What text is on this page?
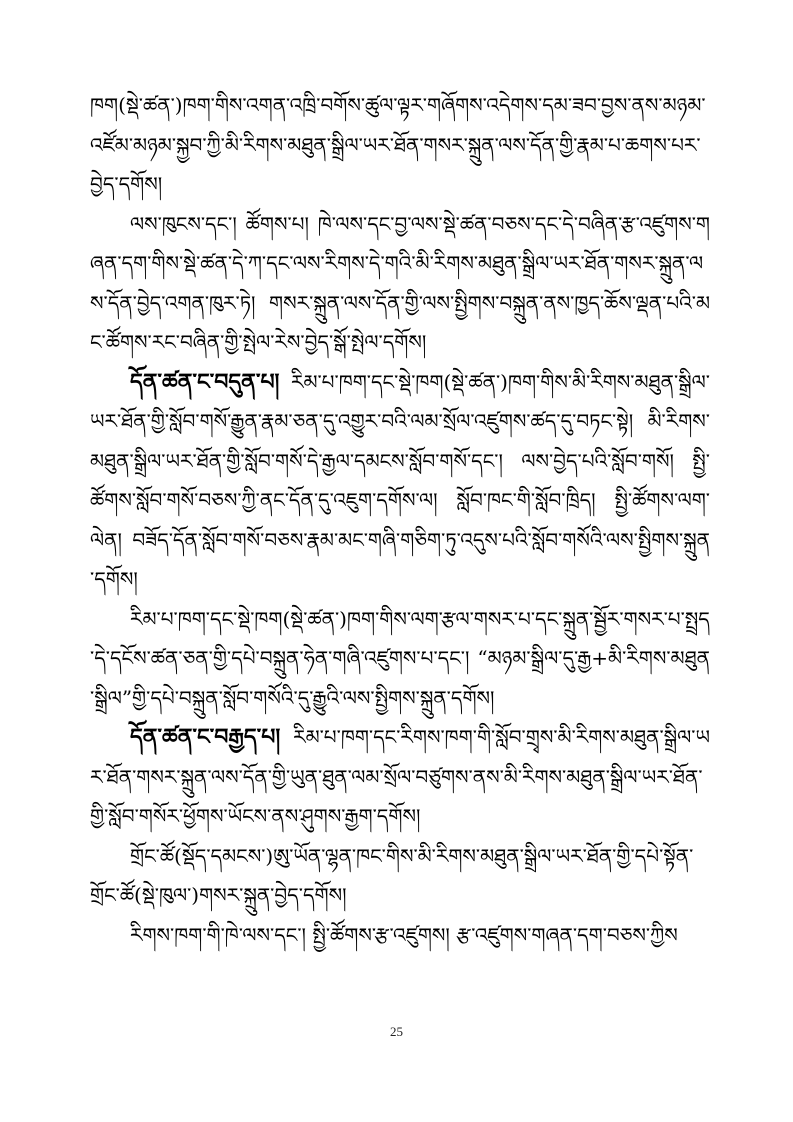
ཁག(སྡེ་ཚན་)ཁག་གིས་འགན་འཁྲི་བགོས་ཚུལ་ལྟར་གཞོགས་འདེགས་དམ་ཟབ་བྱས་ནས་མཉམ་འཛོམ་མཉམ་སྐྱབ་ཀྱི་མི་རིགས་མཐུན་སྒྲིལ་ཡར་ཐོན་གསར་སྐྲུན་ལས་དོན་གྱི་རྣམ་པ་ཆགས་པར་བྱེད་དགོས།

ལས་ཁུངས་དང་། ཚོགས་པ། ཁེ་ལས་དང་བྱ་ལས་སྡེ་ཚན་བཅས་དང་དེ་བཞིན་རྩ་འཛུགས་གཞན་དག་གིས་སྡེ་ཚན་དེ་ཀ་དང་ལས་རིགས་དེ་གའི་མི་རིགས་མཐུན་སྒྲིལ་ཡར་ཐོན་གསར་སྐྲུན་ལས་དོན་བྱེད་འགན་ཁུར་ཏེ། གསར་སྐྲུན་ལས་དོན་གྱི་ལས་སྤྱིགས་བསྐྲུན་ནས་ཁྱད་ཆོས་ལྡན་པའི་མང་ཚོགས་རང་བཞིན་གྱི་སྤེལ་རེས་བྱེད་སྒོ་སྤེལ་དགོས།

དོན་ཚན་ང་བདུན་པ། རིམ་པ་ཁག་དང་སྡེ་ཁག(སྡེ་ཚན་)ཁག་གིས་མི་རིགས་མཐུན་སྒྲིལ་ཡར་ཐོན་གྱི་སློབ་གསོ་རྒྱུན་རྣམ་ཅན་དུ་འགྱུར་བའི་ལམ་སྲོལ་འཛུགས་ཚད་དུ་བཏང་སྟེ། མི་རིགས་མཐུན་སྒྲིལ་ཡར་ཐོན་གྱི་སློབ་གསོ་དེ་རྒྱལ་དམངས་སློབ་གསོ་དང་། ལས་བྱེད་པའི་སློབ་གསོ། སྤྱི་ཚོགས་སློབ་གསོ་བཅས་ཀྱི་ནང་དོན་དུ་འཇུག་དགོས་ལ། སློབ་ཁང་གི་སློབ་ཁྲིད། སྤྱི་ཚོགས་ལག་ལེན། བཟོད་དོན་སློབ་གསོ་བཅས་རྣམ་མང་གཞི་གཅིག་ཏུ་འདུས་པའི་སློབ་གསོའི་ལས་སྤྱིགས་སྐྲུན་དགོས།

རིམ་པ་ཁག་དང་སྡེ་ཁག(སྡེ་ཚན་)ཁག་གིས་ལག་རྩལ་གསར་པ་དང་སྐྲུན་སྦྱོར་གསར་པ་སྤྲད་དེ་དངོས་ཚན་ཅན་གྱི་དཔེ་བསྐྲུན་ཧེན་གཞི་འཛུགས་པ་དང་། “མཉམ་སྒྲིལ་དུ་རྒྱ+མི་རིགས་མཐུན་སྒྲིལ”གྱི་དཔེ་བསྐྲུན་སློབ་གསོའི་དུ་རྒྱུའི་ལས་སྤྱིགས་སྐྲུན་དགོས།

དོན་ཚན་ང་བརྒྱད་པ། རིམ་པ་ཁག་དང་རིགས་ཁག་གི་སློབ་གྲྭས་མི་རིགས་མཐུན་སྒྲིལ་ཡར་ཐོན་གསར་སྐྲུན་ལས་དོན་གྱི་ཡུན་ཐུན་ལམ་སྲོལ་བཙུགས་ནས་མི་རིགས་མཐུན་སྒྲིལ་ཡར་ཐོན་གྱི་སློབ་གསོར་ཕྱོགས་ཡོངས་ནས་ཤུགས་རྒྱག་དགོས།

གྲོང་ཚོ(སྡོད་དམངས་)ཨུ་ཡོན་ལྷན་ཁང་གིས་མི་རིགས་མཐུན་སྒྲིལ་ཡར་ཐོན་གྱི་དཔེ་སྟོན་གྲོང་ཚོ(སྡེ་ཁུལ་)གསར་སྐྲུན་བྱེད་དགོས།

རིགས་ཁག་གི་ཁེ་ལས་དང་། སྤྱི་ཚོགས་རྩ་འཛུགས། རྩ་འཛུགས་གཞན་དག་བཅས་ཀྱིས

25
